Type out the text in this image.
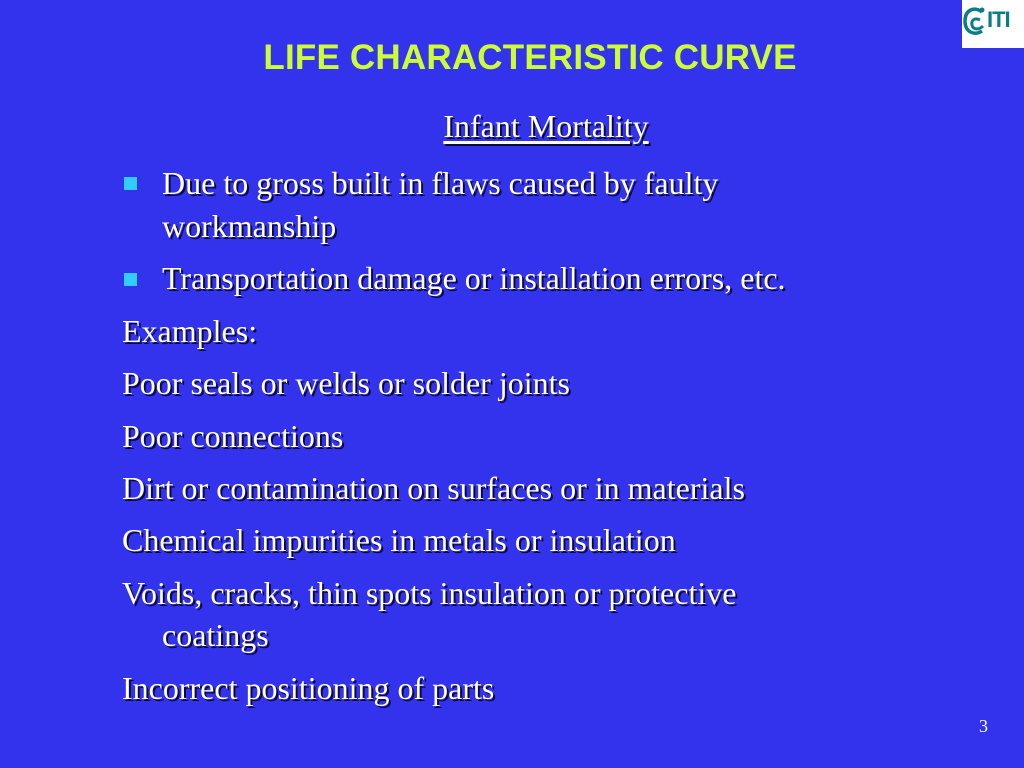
ITI
LIFE CHARACTERISTIC CURVE
Infant Mortality
Due to gross built in flaws caused by faulty
workmanship
Transportation damage or installation errors, etc.
Examples:
Poor seals or welds or solder joints
Poor connections
Dirt or contamination on surfaces or in materials
Chemical impurities in metals or insulation
Voids, cracks, thin spots insulation or protective
coatings
Incorrect positioning of parts
3
